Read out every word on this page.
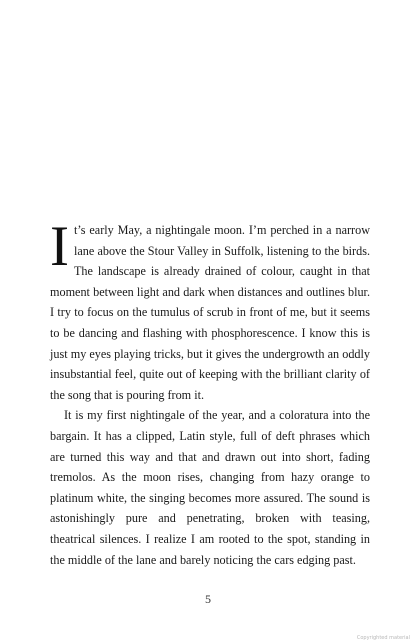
It’s early May, a nightingale moon. I’m perched in a narrow lane above the Stour Valley in Suffolk, listening to the birds. The landscape is already drained of colour, caught in that moment between light and dark when distances and outlines blur. I try to focus on the tumulus of scrub in front of me, but it seems to be dancing and flashing with phosphorescence. I know this is just my eyes playing tricks, but it gives the undergrowth an oddly insubstantial feel, quite out of keeping with the brilliant clarity of the song that is pouring from it.

It is my first nightingale of the year, and a coloratura into the bargain. It has a clipped, Latin style, full of deft phrases which are turned this way and that and drawn out into short, fading tremolos. As the moon rises, changing from hazy orange to platinum white, the singing becomes more assured. The sound is astonishingly pure and penetrating, broken with teasing, theatrical silences. I realize I am rooted to the spot, standing in the middle of the lane and barely noticing the cars edging past.

5
Copyrighted material
